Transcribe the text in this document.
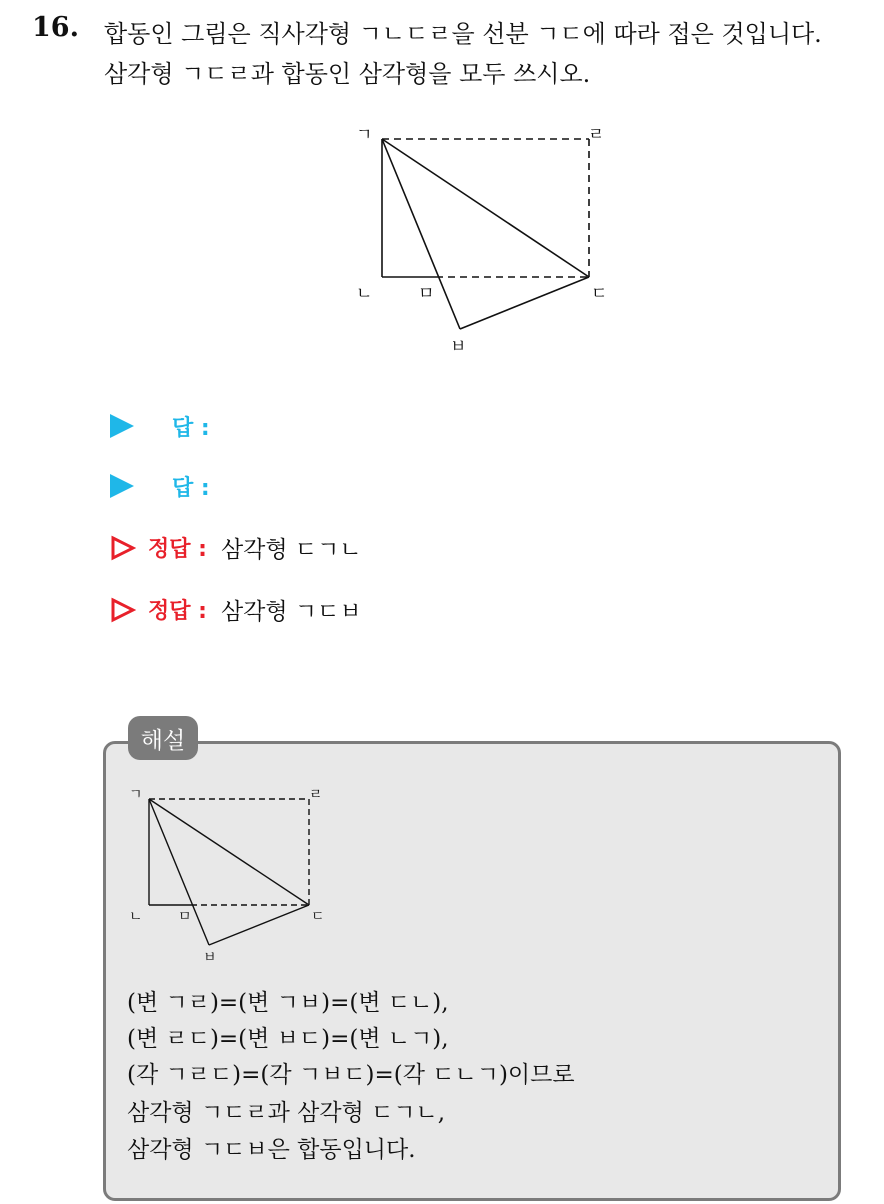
16. 합동인 그림은 직사각형 ㄱㄴㄷㄹ을 선분 ㄱㄷ에 따라 접은 것입니다.
삼각형 ㄱㄷㄹ과 합동인 삼각형을 모두 쓰시오.
ㄱ	ㄹ
ㄴ	ㅁ	ㄷ
ㅂ
답 :
답 :
정답 : 삼각형 ㄷㄱㄴ
정답 : 삼각형 ㄱㄷㅂ
해설
ㄱ	ㄹ
ㄴ	ㅁ	ㄷ
ㅂ
(변 ㄱㄹ)=(변 ㄱㅂ)=(변 ㄷㄴ),
(변 ㄹㄷ)=(변 ㅂㄷ)=(변 ㄴㄱ),
(각 ㄱㄹㄷ)=(각 ㄱㅂㄷ)=(각 ㄷㄴㄱ)이므로
삼각형 ㄱㄷㄹ과 삼각형 ㄷㄱㄴ,
삼각형 ㄱㄷㅂ은 합동입니다.
